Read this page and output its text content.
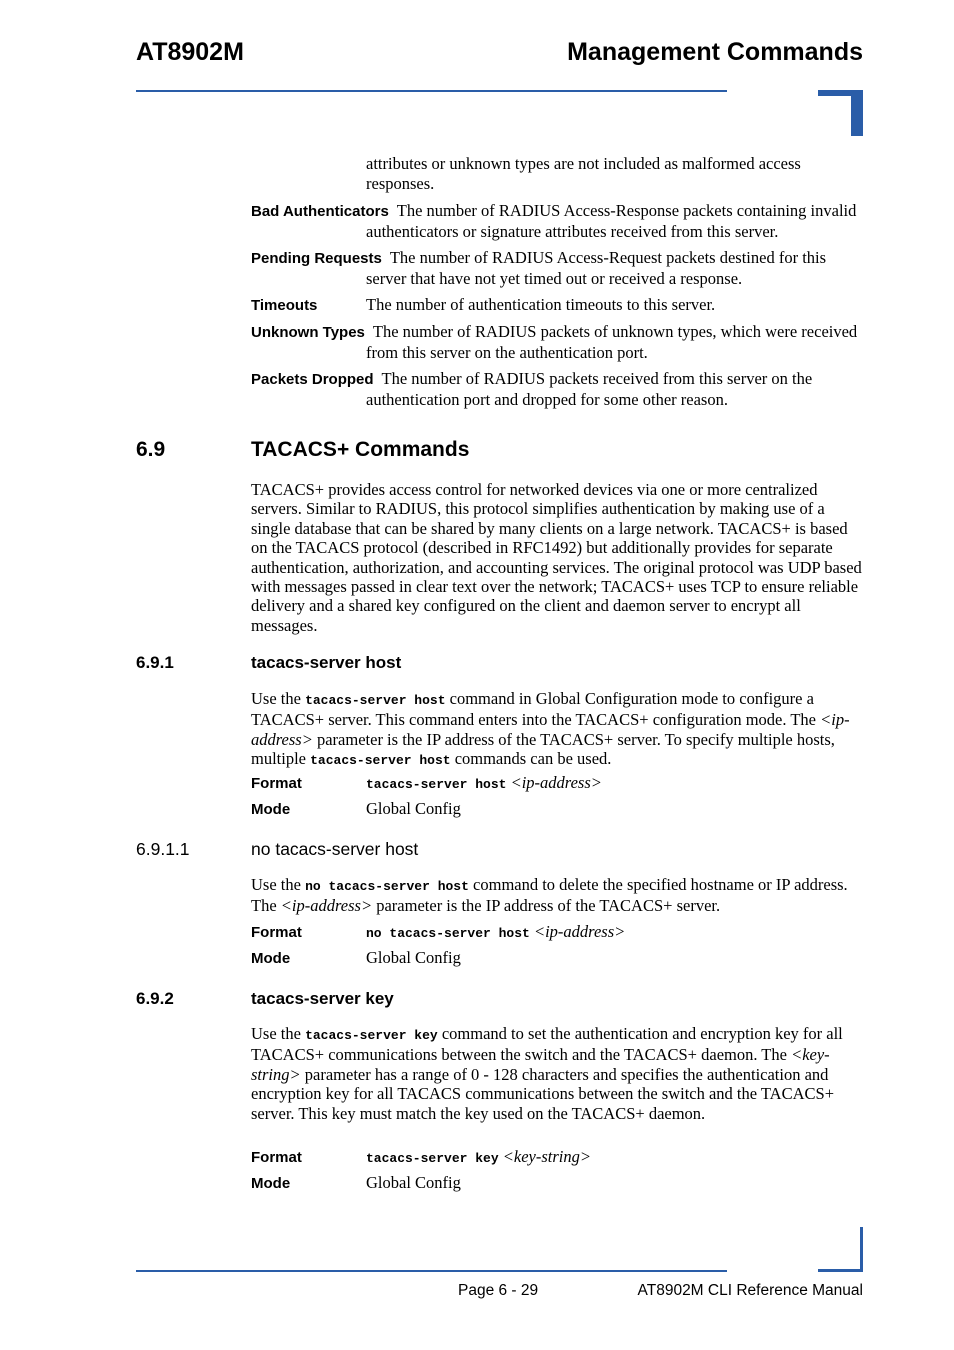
AT8902M	Management Commands
attributes or unknown types are not included as malformed access responses.
Bad Authenticators The number of RADIUS Access-Response packets containing invalid authenticators or signature attributes received from this server.
Pending Requests The number of RADIUS Access-Request packets destined for this server that have not yet timed out or received a response.
Timeouts	The number of authentication timeouts to this server.
Unknown Types The number of RADIUS packets of unknown types, which were received from this server on the authentication port.
Packets Dropped The number of RADIUS packets received from this server on the authentication port and dropped for some other reason.
6.9	TACACS+ Commands
TACACS+ provides access control for networked devices via one or more centralized servers. Similar to RADIUS, this protocol simplifies authentication by making use of a single database that can be shared by many clients on a large network. TACACS+ is based on the TACACS protocol (described in RFC1492) but additionally provides for separate authentication, authorization, and accounting services. The original protocol was UDP based with messages passed in clear text over the network; TACACS+ uses TCP to ensure reliable delivery and a shared key configured on the client and daemon server to encrypt all messages.
6.9.1	tacacs-server host
Use the tacacs-server host command in Global Configuration mode to configure a TACACS+ server. This command enters into the TACACS+ configuration mode. The <ip-address> parameter is the IP address of the TACACS+ server. To specify multiple hosts, multiple tacacs-server host commands can be used.
Format	tacacs-server host <ip-address>
Mode	Global Config
6.9.1.1	no tacacs-server host
Use the no tacacs-server host command to delete the specified hostname or IP address. The <ip-address> parameter is the IP address of the TACACS+ server.
Format	no tacacs-server host <ip-address>
Mode	Global Config
6.9.2	tacacs-server key
Use the tacacs-server key command to set the authentication and encryption key for all TACACS+ communications between the switch and the TACACS+ daemon. The <key-string> parameter has a range of 0 - 128 characters and specifies the authentication and encryption key for all TACACS communications between the switch and the TACACS+ server. This key must match the key used on the TACACS+ daemon.
Format	tacacs-server key <key-string>
Mode	Global Config
Page 6 - 29	AT8902M CLI Reference Manual
